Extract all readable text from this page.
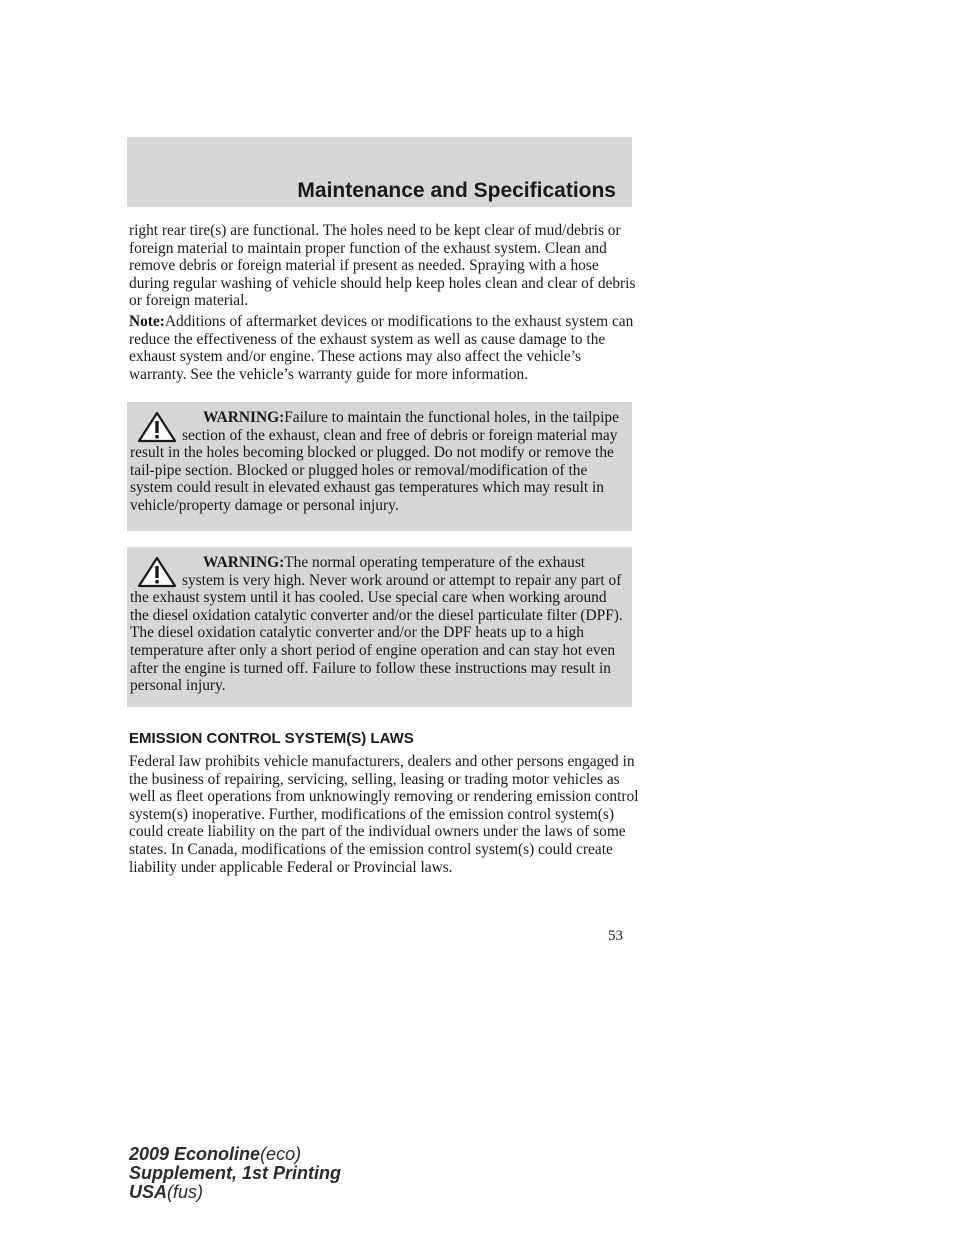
Maintenance and Specifications

right rear tire(s) are functional. The holes need to be kept clear of mud/debris or foreign material to maintain proper function of the exhaust system. Clean and remove debris or foreign material if present as needed. Spraying with a hose during regular washing of vehicle should help keep holes clean and clear of debris or foreign material.

Note:Additions of aftermarket devices or modifications to the exhaust system can reduce the effectiveness of the exhaust system as well as cause damage to the exhaust system and/or engine. These actions may also affect the vehicle’s warranty. See the vehicle’s warranty guide for more information.

WARNING:Failure to maintain the functional holes, in the tailpipe section of the exhaust, clean and free of debris or foreign material may result in the holes becoming blocked or plugged. Do not modify or remove the tail-pipe section. Blocked or plugged holes or removal/modification of the system could result in elevated exhaust gas temperatures which may result in vehicle/property damage or personal injury.
WARNING:The normal operating temperature of the exhaust system is very high. Never work around or attempt to repair any part of the exhaust system until it has cooled. Use special care when working around the diesel oxidation catalytic converter and/or the diesel particulate filter (DPF). The diesel oxidation catalytic converter and/or the DPF heats up to a high temperature after only a short period of engine operation and can stay hot even after the engine is turned off. Failure to follow these instructions may result in personal injury.
EMISSION CONTROL SYSTEM(S) LAWS

Federal law prohibits vehicle manufacturers, dealers and other persons engaged in the business of repairing, servicing, selling, leasing or trading motor vehicles as well as fleet operations from unknowingly removing or rendering emission control system(s) inoperative. Further, modifications of the emission control system(s) could create liability on the part of the individual owners under the laws of some states. In Canada, modifications of the emission control system(s) could create liability under applicable Federal or Provincial laws.

53
2009 Econoline(eco)
Supplement, 1st Printing
USA(fus)
